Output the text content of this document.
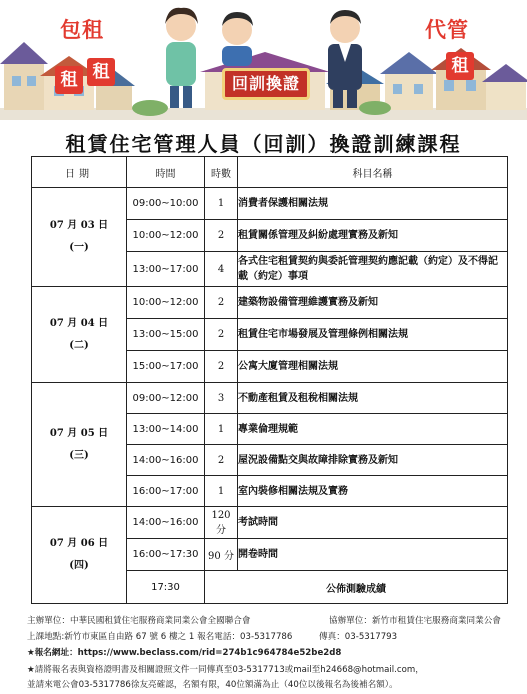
包租	代管
租 租	租
回訓換證
租賃住宅管理人員（回訓）換證訓練課程
日期	時間	時數	科目名稱

07 月 03 日
(一)	09:00~10:00	1	消費者保護相關法規
	10:00~12:00	2	租賃關係管理及糾紛處理實務及新知
	13:00~17:00	4	各式住宅租賃契約與委託管理契約應記載（約定）及不得記載（約定）事項

07 月 04 日
(二)	10:00~12:00	2	建築物設備管理維護實務及新知
	13:00~15:00	2	租賃住宅市場發展及管理條例相關法規
	15:00~17:00	2	公寓大廈管理相關法規

07 月 05 日
(三)	09:00~12:00	3	不動產租賃及租稅相關法規
	13:00~14:00	1	專業倫理規範
	14:00~16:00	2	屋況設備點交與故障排除實務及新知
	16:00~17:00	1	室內裝修相關法規及實務

07 月 06 日
(四)	14:00~16:00	120 分	考試時間
	16:00~17:30	90 分	開卷時間
	17:30	公佈測驗成績	
主辦單位：中華民國租賃住宅服務商業同業公會全國聯合會	協辦單位：新竹市租賃住宅服務商業同業公會
上課地點:新竹市東區自由路 67 號 6 樓之 1 報名電話：03-5317786	傳真：03-5317793
★報名網址：https://www.beclass.com/rid=274b1c964784e52be2d8
★請將報名表與資格證明書及相關證照文件一同傳真至03-5317713或mail至h24668@hotmail.com，
並請來電公會03-5317786徐友亮確認，名額有限，40位額滿為止（40位以後報名為後補名額）。
